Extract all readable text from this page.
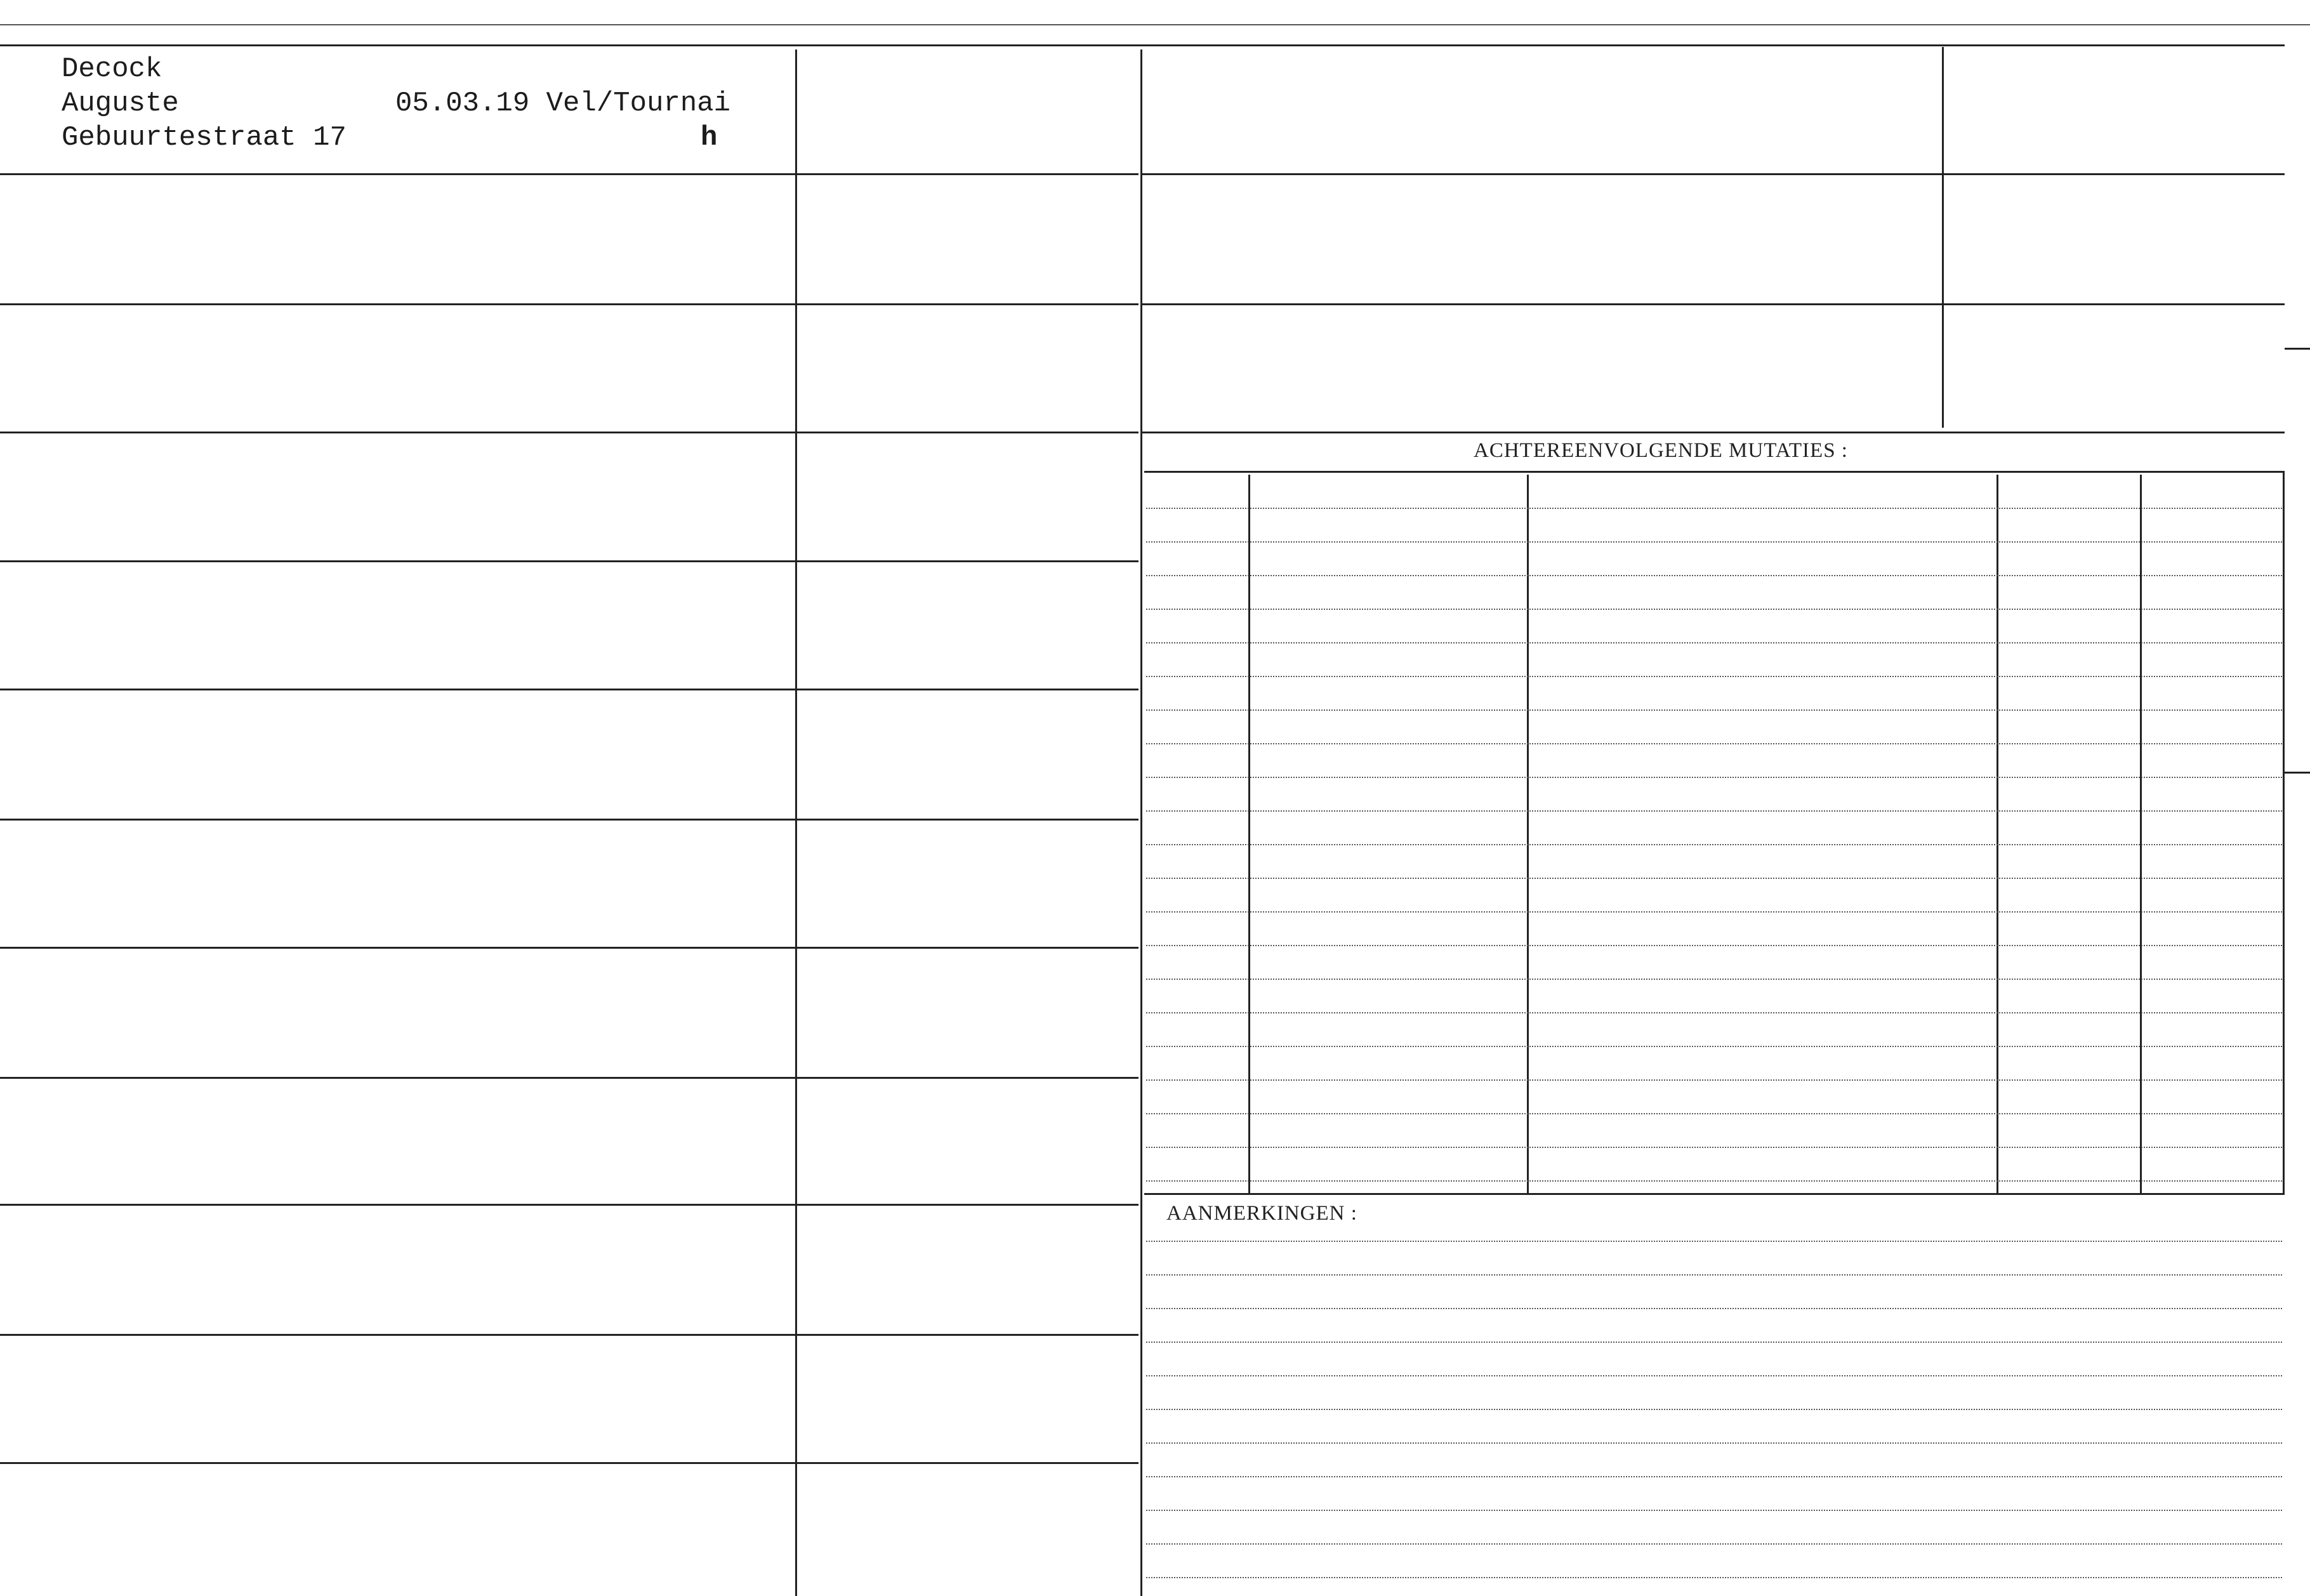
Decock
Auguste
Gebuurtestraat 17
05.03.19 Vel/Tournai
h
ACHTEREENVOLGENDE MUTATIES :
AANMERKINGEN :
